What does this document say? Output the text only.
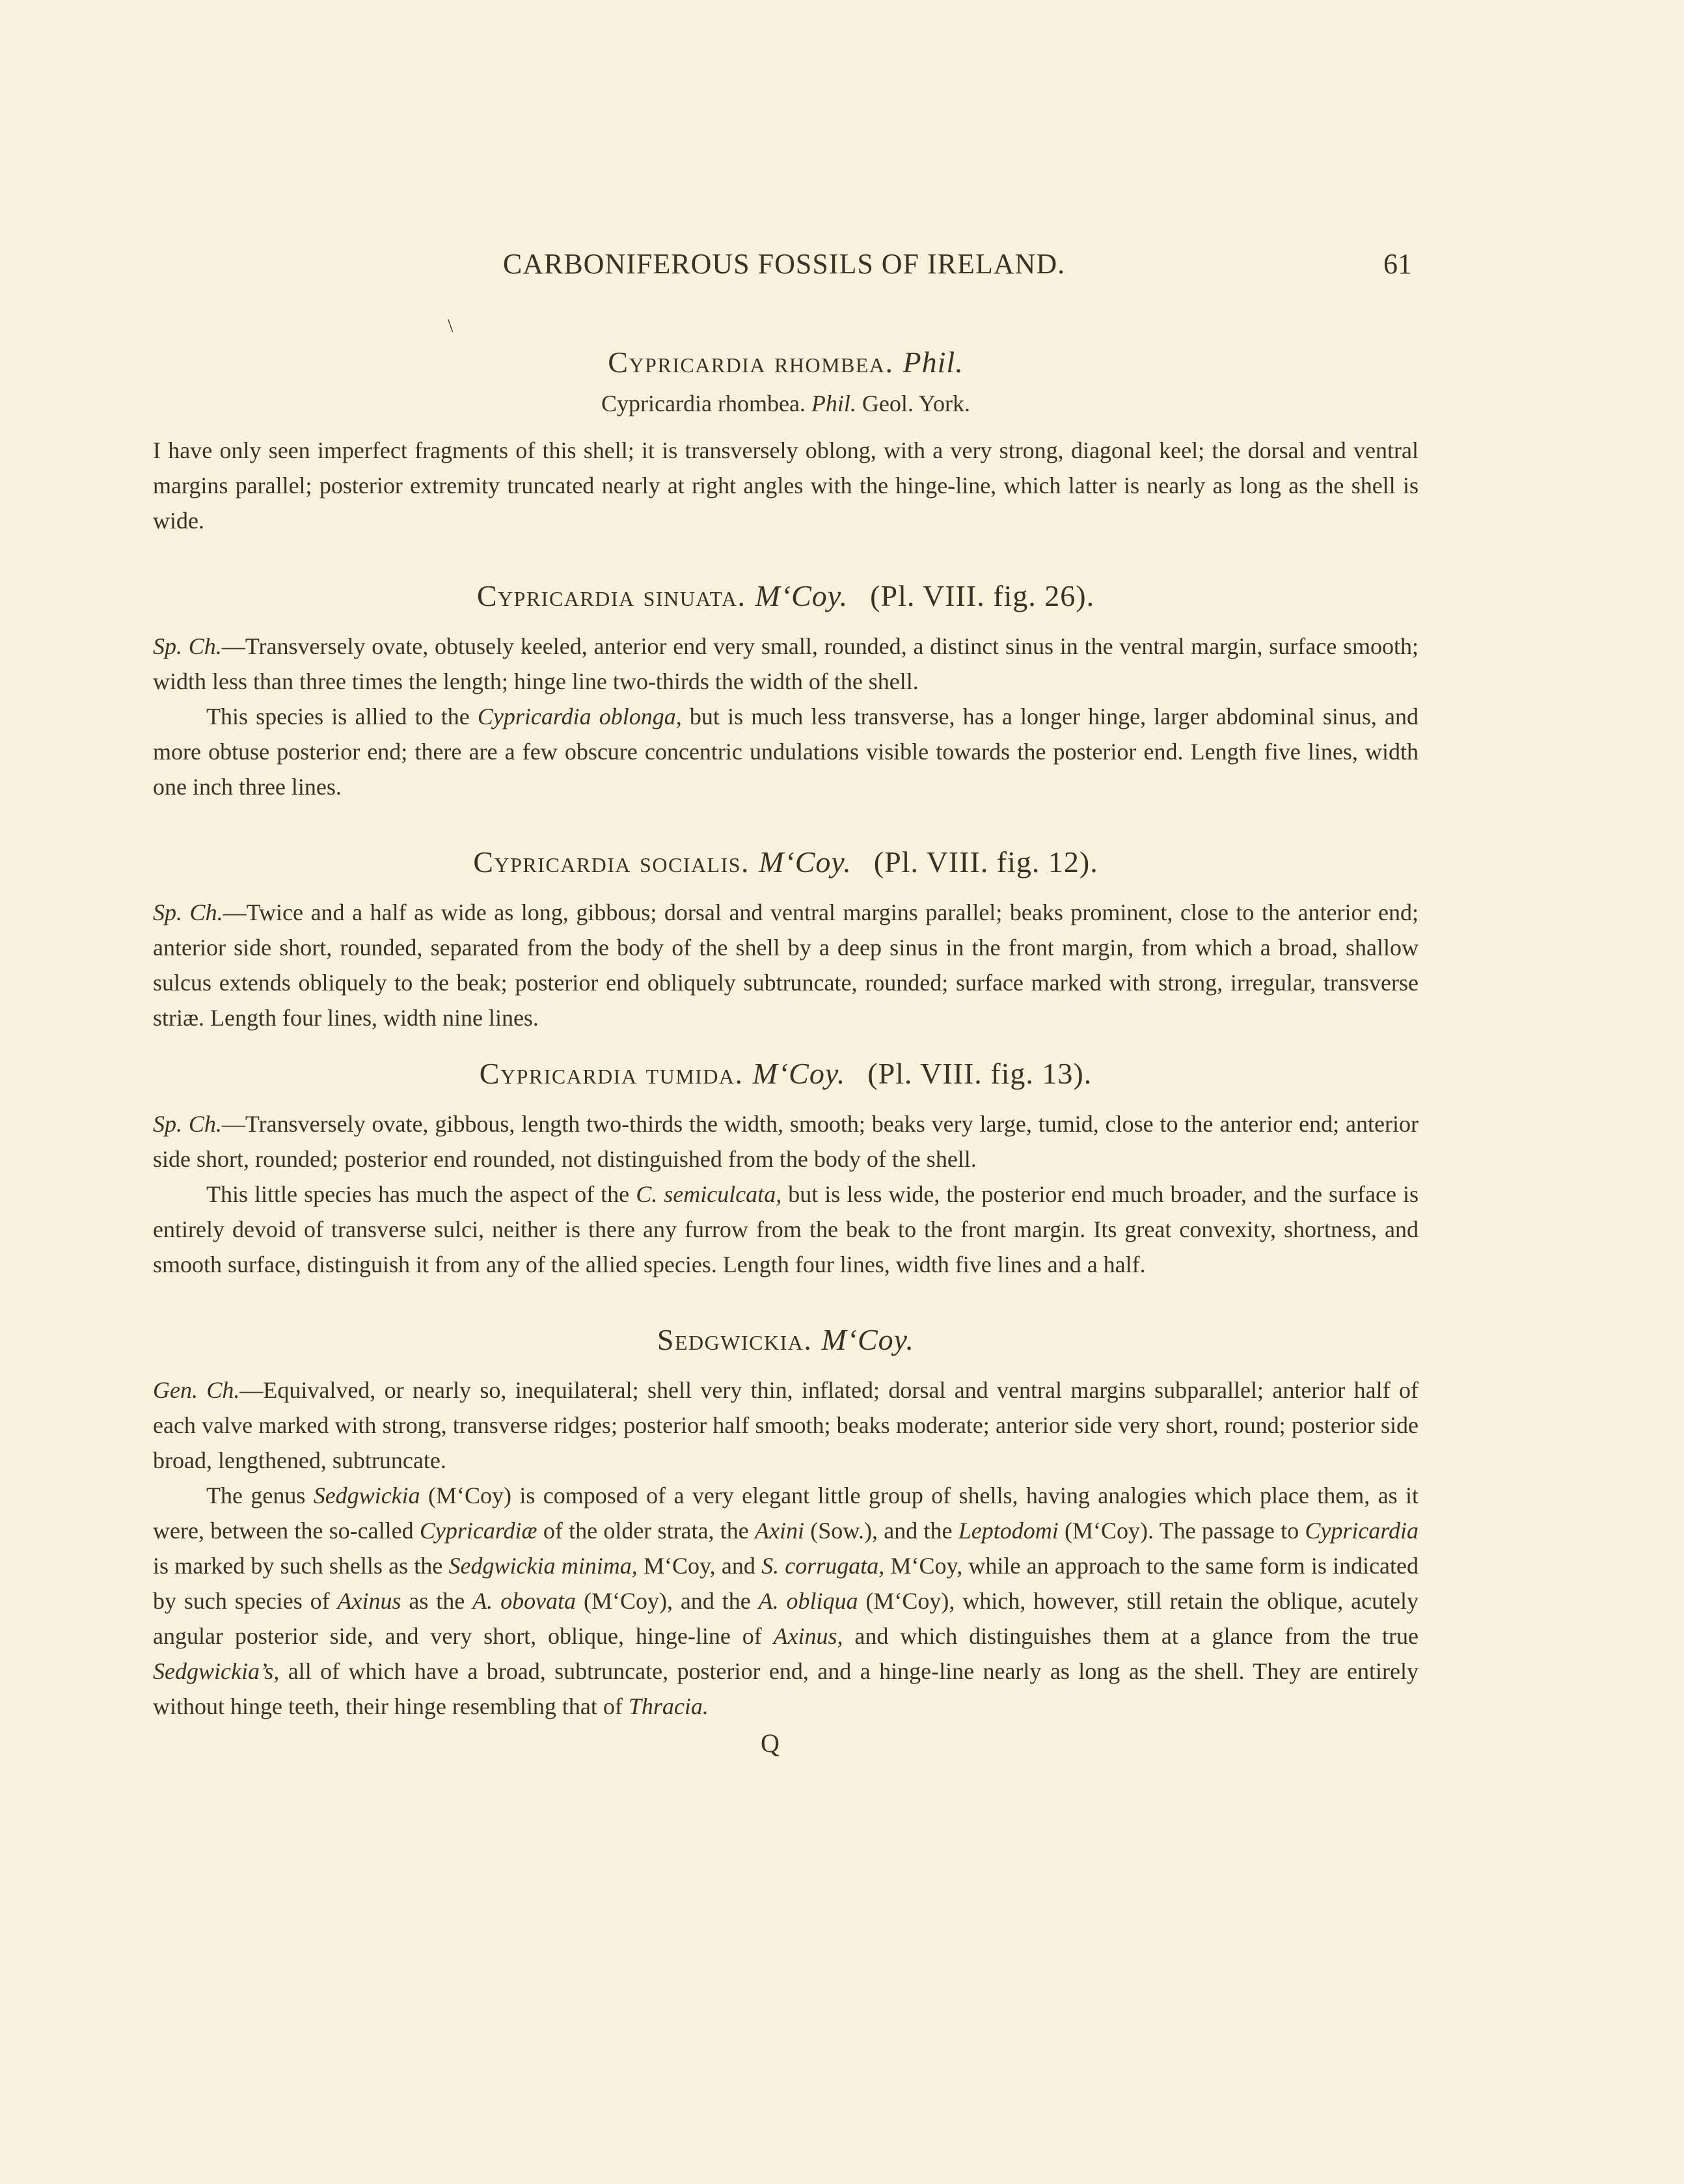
CARBONIFEROUS FOSSILS OF IRELAND.	61
\
Cypricardia rhombea. Phil.
Cypricardia rhombea. Phil. Geol. York.

I have only seen imperfect fragments of this shell; it is transversely oblong, with a very strong, diagonal keel; the dorsal and ventral margins parallel; posterior extremity truncated nearly at right angles with the hinge-line, which latter is nearly as long as the shell is wide.

Cypricardia sinuata. M‘Coy. (Pl. VIII. fig. 26).

Sp. Ch.—Transversely ovate, obtusely keeled, anterior end very small, rounded, a distinct sinus in the ventral margin, surface smooth; width less than three times the length; hinge line two-thirds the width of the shell.

This species is allied to the Cypricardia oblonga, but is much less transverse, has a longer hinge, larger abdominal sinus, and more obtuse posterior end; there are a few obscure concentric undulations visible towards the posterior end. Length five lines, width one inch three lines.

Cypricardia socialis. M‘Coy. (Pl. VIII. fig. 12).

Sp. Ch.—Twice and a half as wide as long, gibbous; dorsal and ventral margins parallel; beaks prominent, close to the anterior end; anterior side short, rounded, separated from the body of the shell by a deep sinus in the front margin, from which a broad, shallow sulcus extends obliquely to the beak; posterior end obliquely subtruncate, rounded; surface marked with strong, irregular, transverse striæ. Length four lines, width nine lines.

Cypricardia tumida. M‘Coy. (Pl. VIII. fig. 13).

Sp. Ch.—Transversely ovate, gibbous, length two-thirds the width, smooth; beaks very large, tumid, close to the anterior end; anterior side short, rounded; posterior end rounded, not distinguished from the body of the shell.

This little species has much the aspect of the C. semiculcata, but is less wide, the posterior end much broader, and the surface is entirely devoid of transverse sulci, neither is there any furrow from the beak to the front margin. Its great convexity, shortness, and smooth surface, distinguish it from any of the allied species. Length four lines, width five lines and a half.

Sedgwickia. M‘Coy.

Gen. Ch.—Equivalved, or nearly so, inequilateral; shell very thin, inflated; dorsal and ventral margins subparallel; anterior half of each valve marked with strong, transverse ridges; posterior half smooth; beaks moderate; anterior side very short, round; posterior side broad, lengthened, subtruncate.

The genus Sedgwickia (M‘Coy) is composed of a very elegant little group of shells, having analogies which place them, as it were, between the so-called Cypricardiæ of the older strata, the Axini (Sow.), and the Leptodomi (M‘Coy). The passage to Cypricardia is marked by such shells as the Sedgwickia minima, M‘Coy, and S. corrugata, M‘Coy, while an approach to the same form is indicated by such species of Axinus as the A. obovata (M‘Coy), and the A. obliqua (M‘Coy), which, however, still retain the oblique, acutely angular posterior side, and very short, oblique, hinge-line of Axinus, and which distinguishes them at a glance from the true Sedgwickia’s, all of which have a broad, subtruncate, posterior end, and a hinge-line nearly as long as the shell. They are entirely without hinge teeth, their hinge resembling that of Thracia.

Q
